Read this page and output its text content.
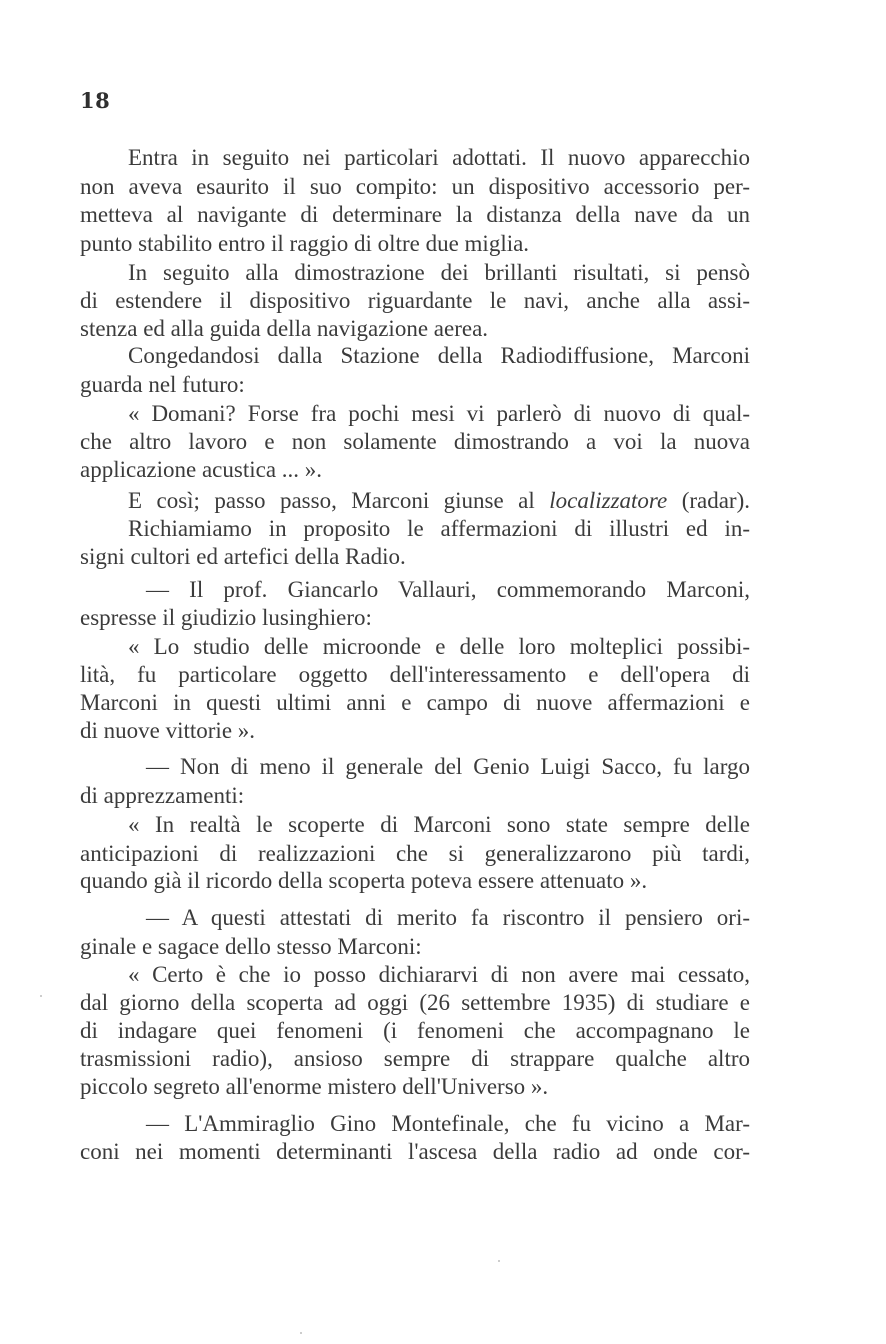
18
Entra in seguito nei particolari adottati. Il nuovo apparecchio
non aveva esaurito il suo compito: un dispositivo accessorio per-
metteva al navigante di determinare la distanza della nave da un
punto stabilito entro il raggio di oltre due miglia.
In seguito alla dimostrazione dei brillanti risultati, si pensò
di estendere il dispositivo riguardante le navi, anche alla assi-
stenza ed alla guida della navigazione aerea.
Congedandosi dalla Stazione della Radiodiffusione, Marconi
guarda nel futuro:
« Domani? Forse fra pochi mesi vi parlerò di nuovo di qual-
che altro lavoro e non solamente dimostrando a voi la nuova
applicazione acustica ... ».
E così; passo passo, Marconi giunse al localizzatore (radar).
Richiamiamo in proposito le affermazioni di illustri ed in-
signi cultori ed artefici della Radio.
— Il prof. Giancarlo Vallauri, commemorando Marconi,
espresse il giudizio lusinghiero:
« Lo studio delle microonde e delle loro molteplici possibi-
lità, fu particolare oggetto dell'interessamento e dell'opera di
Marconi in questi ultimi anni e campo di nuove affermazioni e
di nuove vittorie ».
— Non di meno il generale del Genio Luigi Sacco, fu largo
di apprezzamenti:
« In realtà le scoperte di Marconi sono state sempre delle
anticipazioni di realizzazioni che si generalizzarono più tardi,
quando già il ricordo della scoperta poteva essere attenuato ».
— A questi attestati di merito fa riscontro il pensiero ori-
ginale e sagace dello stesso Marconi:
« Certo è che io posso dichiararvi di non avere mai cessato,
dal giorno della scoperta ad oggi (26 settembre 1935) di studiare e
di indagare quei fenomeni (i fenomeni che accompagnano le
trasmissioni radio), ansioso sempre di strappare qualche altro
piccolo segreto all'enorme mistero dell'Universo ».
— L'Ammiraglio Gino Montefinale, che fu vicino a Mar-
coni nei momenti determinanti l'ascesa della radio ad onde cor-
